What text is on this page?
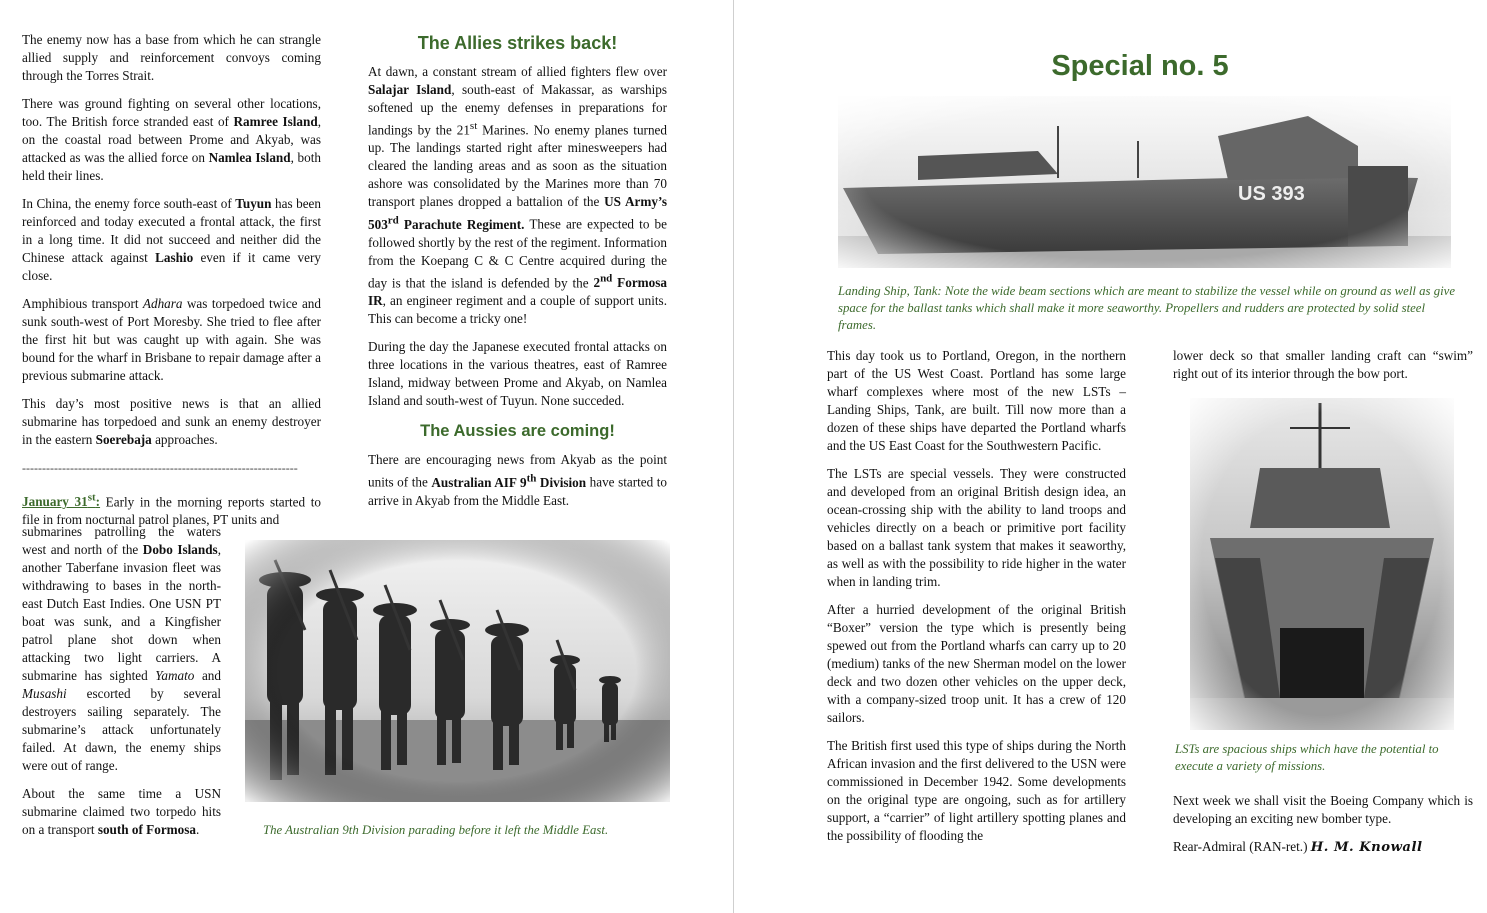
The enemy now has a base from which he can strangle allied supply and reinforcement convoys coming through the Torres Strait.

There was ground fighting on several other locations, too. The British force stranded east of Ramree Island, on the coastal road between Prome and Akyab, was attacked as was the allied force on Namlea Island, both held their lines.

In China, the enemy force south-east of Tuyun has been reinforced and today executed a frontal attack, the first in a long time. It did not succeed and neither did the Chinese attack against Lashio even if it came very close.

Amphibious transport Adhara was torpedoed twice and sunk south-west of Port Moresby. She tried to flee after the first hit but was caught up with again. She was bound for the wharf in Brisbane to repair damage after a previous submarine attack.

This day’s most positive news is that an allied submarine has torpedoed and sunk an enemy destroyer in the eastern Soerebaja approaches.

---------------------------------------------------------------------

January 31st: Early in the morning reports started to file in from nocturnal patrol planes, PT units and

submarines patrolling the waters west and north of the Dobo Islands, another Taberfane invasion fleet was withdrawing to bases in the north-east Dutch East Indies. One USN PT boat was sunk, and a Kingfisher patrol plane shot down when attacking two light carriers. A submarine has sighted Yamato and Musashi escorted by several destroyers sailing separately. The submarine’s attack unfortunately failed. At dawn, the enemy ships were out of range.

About the same time a USN submarine claimed two torpedo hits on a transport south of Formosa.

The Allies strikes back!

At dawn, a constant stream of allied fighters flew over Salajar Island, south-east of Makassar, as warships softened up the enemy defenses in preparations for landings by the 21st Marines. No enemy planes turned up. The landings started right after minesweepers had cleared the landing areas and as soon as the situation ashore was consolidated by the Marines more than 70 transport planes dropped a battalion of the US Army’s 503rd Parachute Regiment. These are expected to be followed shortly by the rest of the regiment. Information from the Koepang C & C Centre acquired during the day is that the island is defended by the 2nd Formosa IR, an engineer regiment and a couple of support units. This can become a tricky one!

During the day the Japanese executed frontal attacks on three locations in the various theatres, east of Ramree Island, midway between Prome and Akyab, on Namlea Island and south-west of Tuyun. None succeded.

The Aussies are coming!

There are encouraging news from Akyab as the point units of the Australian AIF 9th Division have started to arrive in Akyab from the Middle East.

The Australian 9th Division parading before it left the Middle East.
Special no. 5
Landing Ship, Tank: Note the wide beam sections which are meant to stabilize the vessel while on ground as well as give space for the ballast tanks which shall make it more seaworthy. Propellers and rudders are protected by solid steel frames.

This day took us to Portland, Oregon, in the northern part of the US West Coast. Portland has some large wharf complexes where most of the new LSTs – Landing Ships, Tank, are built. Till now more than a dozen of these ships have departed the Portland wharfs and the US East Coast for the Southwestern Pacific.

The LSTs are special vessels. They were constructed and developed from an original British design idea, an ocean-crossing ship with the ability to land troops and vehicles directly on a beach or primitive port facility based on a ballast tank system that makes it seaworthy, as well as with the possibility to ride higher in the water when in landing trim.

After a hurried development of the original British “Boxer” version the type which is presently being spewed out from the Portland wharfs can carry up to 20 (medium) tanks of the new Sherman model on the lower deck and two dozen other vehicles on the upper deck, with a company-sized troop unit. It has a crew of 120 sailors.

The British first used this type of ships during the North African invasion and the first delivered to the USN were commissioned in December 1942. Some developments on the original type are ongoing, such as for artillery support, a “carrier” of light artillery spotting planes and the possibility of flooding the

lower deck so that smaller landing craft can “swim” right out of its interior through the bow port.

LSTs are spacious ships which have the potential to execute a variety of missions.

Next week we shall visit the Boeing Company which is developing an exciting new bomber type.

Rear-Admiral (RAN-ret.) H. M. Knowall
